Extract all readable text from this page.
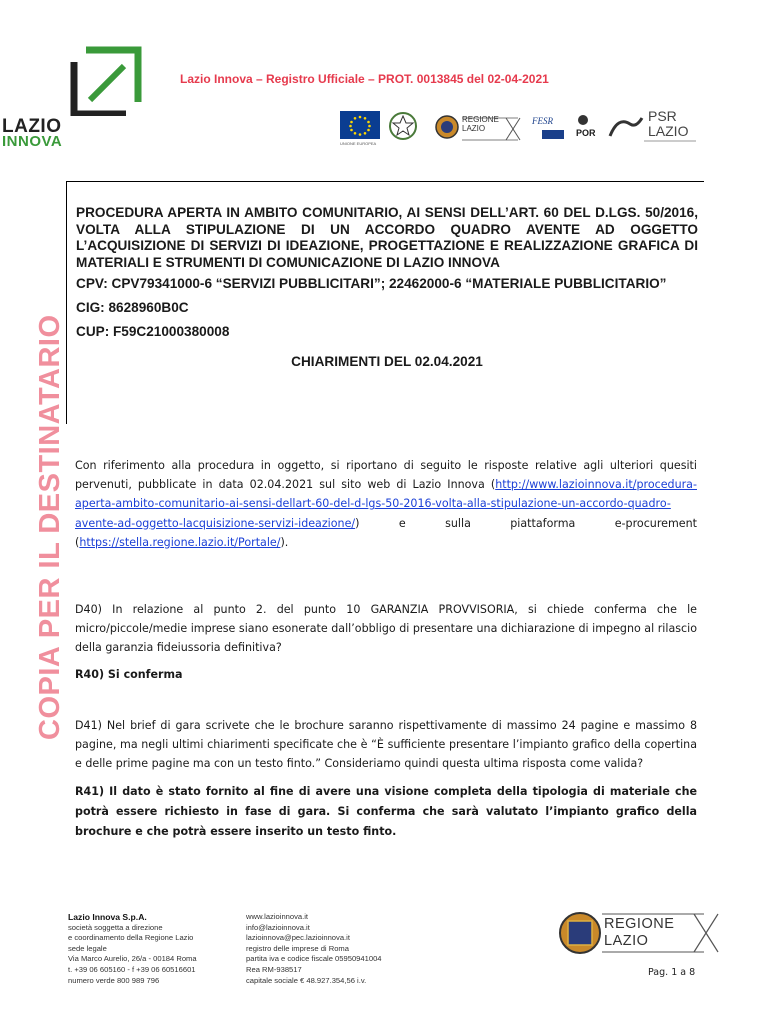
LAZIO
INNOVA
Lazio Innova – Registro Ufficiale – PROT. 0013845 del 02-04-2021
UNIONE EUROPEA
REGIONE
LAZIO
FESR
POR
PSR
LAZIO
COPIA PER IL DESTINATARIO
PROCEDURA APERTA IN AMBITO COMUNITARIO, AI SENSI DELL’ART. 60 DEL D.LGS. 50/2016, VOLTA ALLA STIPULAZIONE DI UN ACCORDO QUADRO AVENTE AD OGGETTO L’ACQUISIZIONE DI SERVIZI DI IDEAZIONE, PROGETTAZIONE E REALIZZAZIONE GRAFICA DI MATERIALI E STRUMENTI DI COMUNICAZIONE DI LAZIO INNOVA
CPV: CPV79341000-6 “SERVIZI PUBBLICITARI”; 22462000-6 “MATERIALE PUBBLICITARIO”
CIG: 8628960B0C
CUP: F59C21000380008
CHIARIMENTI DEL 02.04.2021
Con riferimento alla procedura in oggetto, si riportano di seguito le risposte relative agli ulteriori quesiti pervenuti, pubblicate in data 02.04.2021 sul sito web di Lazio Innova (http://www.lazioinnova.it/procedura-aperta-ambito-comunitario-ai-sensi-dellart-60-del-d-lgs-50-2016-volta-alla-stipulazione-un-accordo-quadro-avente-ad-oggetto-lacquisizione-servizi-ideazione/) e sulla piattaforma e-procurement (https://stella.regione.lazio.it/Portale/).
D40) In relazione al punto 2. del punto 10 GARANZIA PROVVISORIA, si chiede conferma che le micro/piccole/medie imprese siano esonerate dall’obbligo di presentare una dichiarazione di impegno al rilascio della garanzia fideiussoria definitiva?
R40) Si conferma
D41) Nel brief di gara scrivete che le brochure saranno rispettivamente di massimo 24 pagine e massimo 8 pagine, ma negli ultimi chiarimenti specificate che è “È sufficiente presentare l’impianto grafico della copertina e delle prime pagine ma con un testo finto.” Consideriamo quindi questa ultima risposta come valida?
R41) Il dato è stato fornito al fine di avere una visione completa della tipologia di materiale che potrà essere richiesto in fase di gara. Si conferma che sarà valutato l’impianto grafico della brochure e che potrà essere inserito un testo finto.
Lazio Innova S.p.A.
società soggetta a direzione
e coordinamento della Regione Lazio
sede legale
Via Marco Aurelio, 26/a - 00184 Roma
t. +39 06 605160 - f +39 06 60516601
numero verde 800 989 796
www.lazioinnova.it
info@lazioinnova.it
lazioinnova@pec.lazioinnova.it
registro delle imprese di Roma
partita iva e codice fiscale 05950941004
Rea RM-938517
capitale sociale € 48.927.354,56 i.v.
REGIONE
LAZIO
Pag. 1 a 8
